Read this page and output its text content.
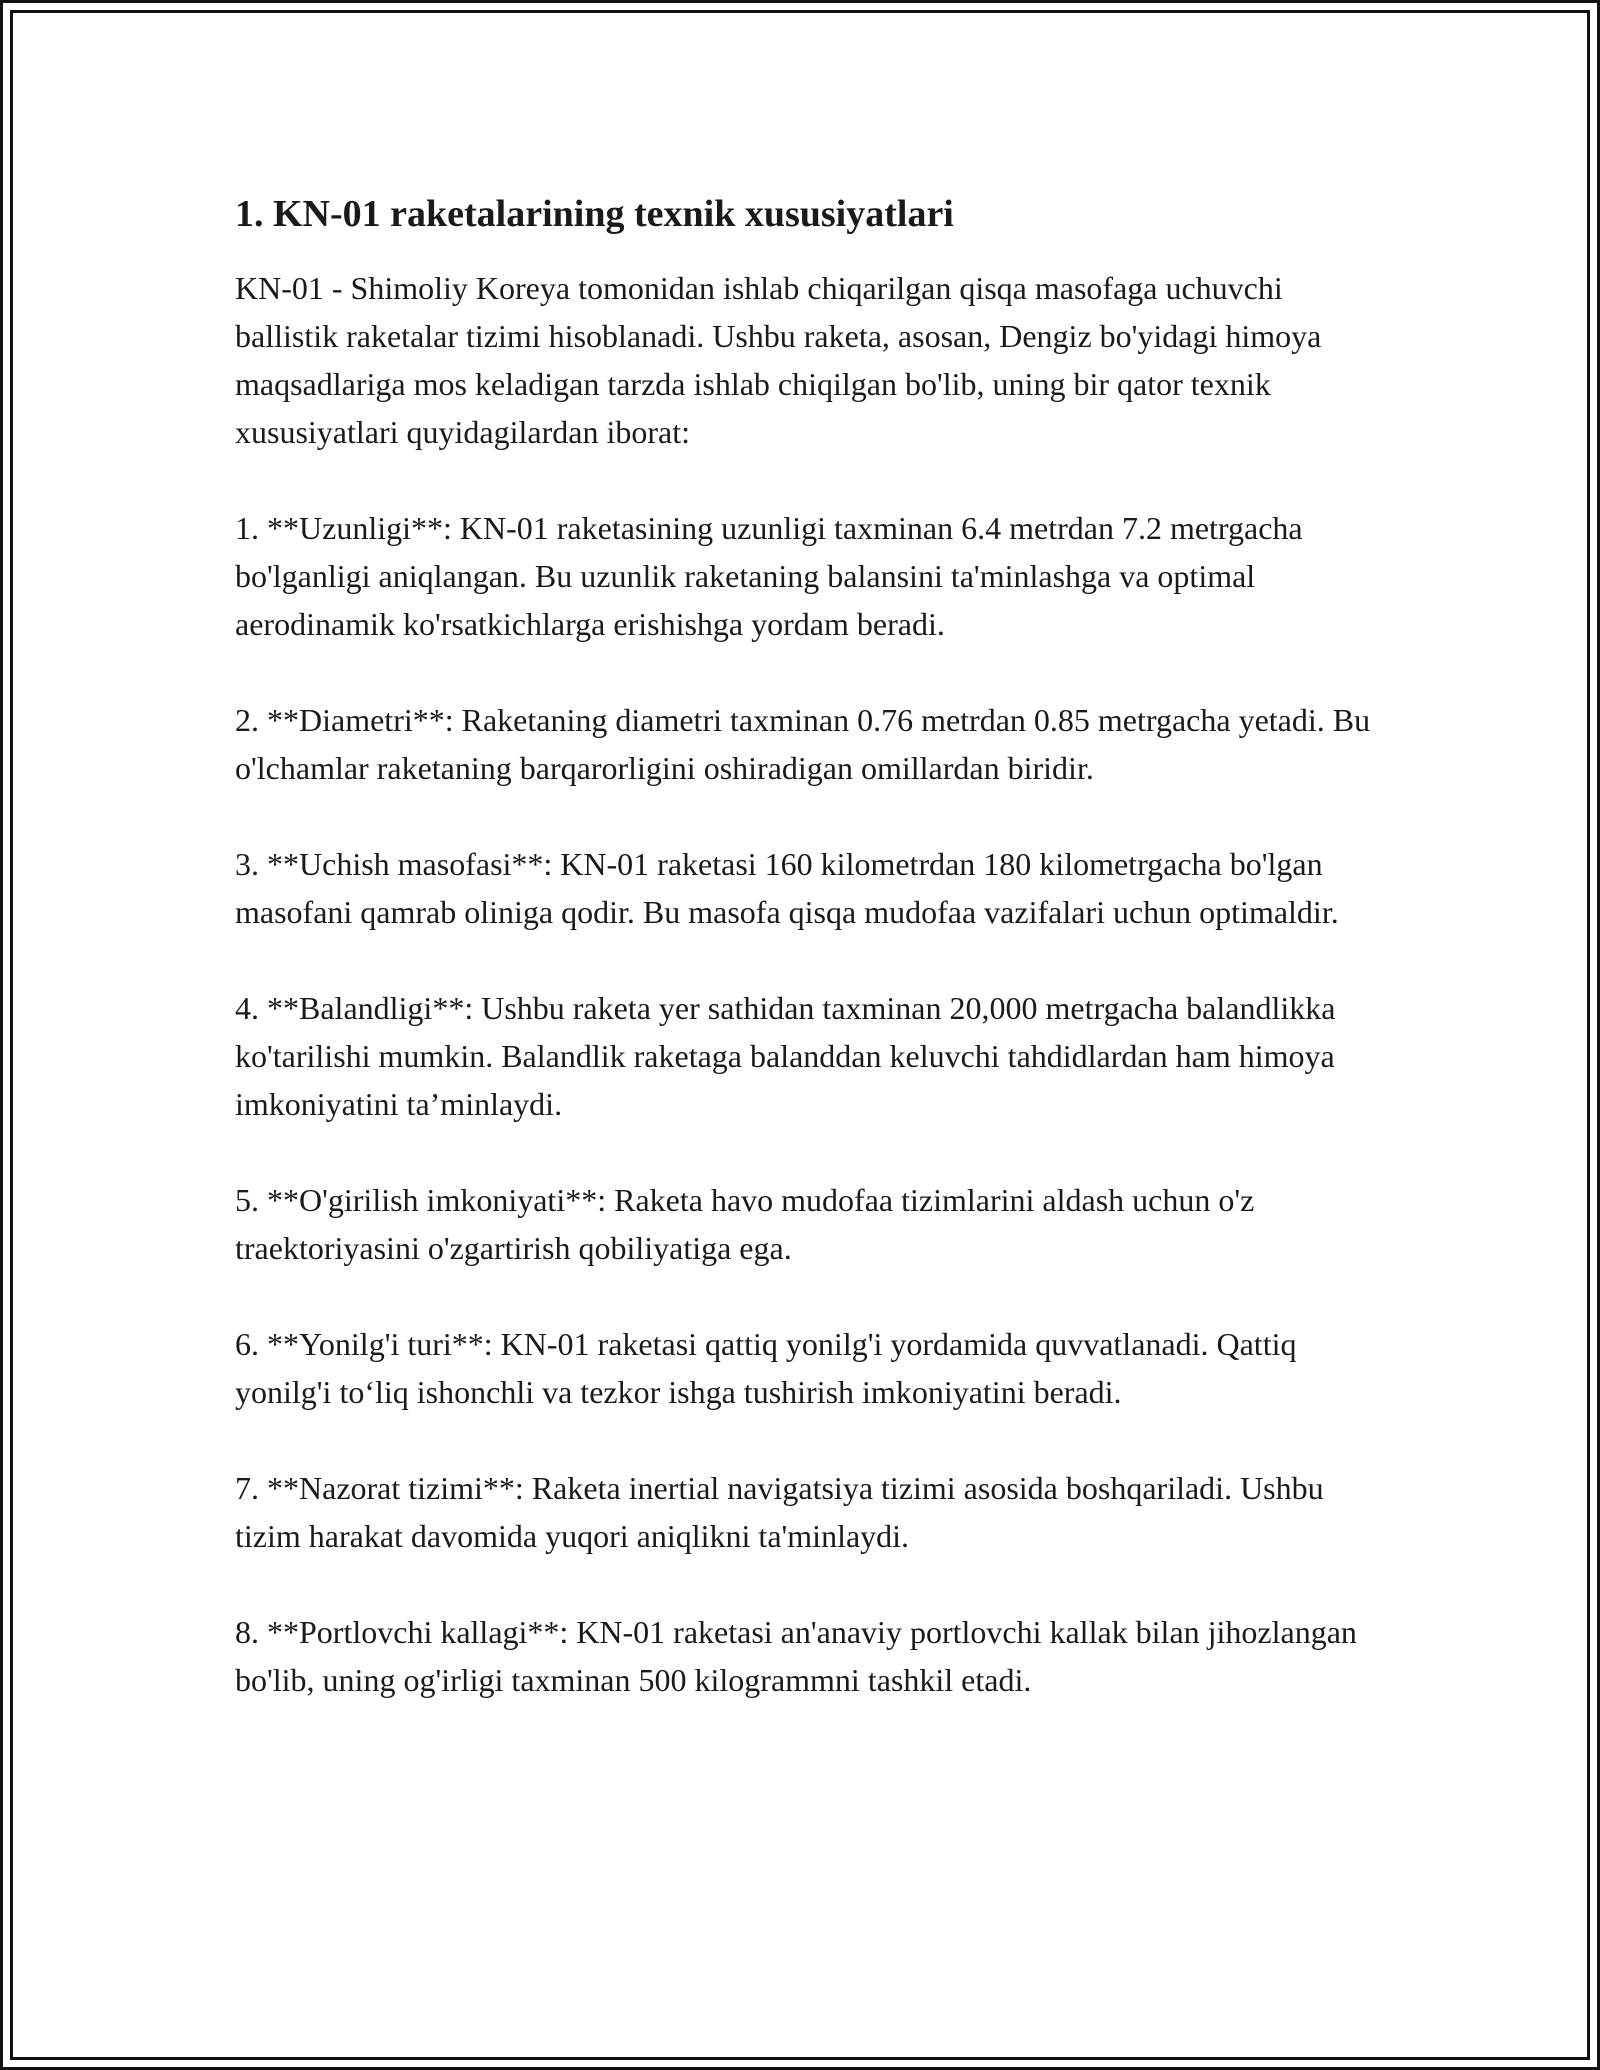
1. KN-01 raketalarining texnik xususiyatlari

KN-01 - Shimoliy Koreya tomonidan ishlab chiqarilgan qisqa masofaga uchuvchi ballistik raketalar tizimi hisoblanadi. Ushbu raketa, asosan, Dengiz bo'yidagi himoya maqsadlariga mos keladigan tarzda ishlab chiqilgan bo'lib, uning bir qator texnik xususiyatlari quyidagilardan iborat:

1. **Uzunligi**: KN-01 raketasining uzunligi taxminan 6.4 metrdan 7.2 metrgacha bo'lganligi aniqlangan. Bu uzunlik raketaning balansini ta'minlashga va optimal aerodinamik ko'rsatkichlarga erishishga yordam beradi.

2. **Diametri**: Raketaning diametri taxminan 0.76 metrdan 0.85 metrgacha yetadi. Bu o'lchamlar raketaning barqarorligini oshiradigan omillardan biridir.

3. **Uchish masofasi**: KN-01 raketasi 160 kilometrdan 180 kilometrgacha bo'lgan masofani qamrab oliniga qodir. Bu masofa qisqa mudofaa vazifalari uchun optimaldir.

4. **Balandligi**: Ushbu raketa yer sathidan taxminan 20,000 metrgacha balandlikka ko'tarilishi mumkin. Balandlik raketaga balanddan keluvchi tahdidlardan ham himoya imkoniyatini ta’minlaydi.

5. **O'girilish imkoniyati**: Raketa havo mudofaa tizimlarini aldash uchun o'z traektoriyasini o'zgartirish qobiliyatiga ega.

6. **Yonilg'i turi**: KN-01 raketasi qattiq yonilg'i yordamida quvvatlanadi. Qattiq yonilg'i to‘liq ishonchli va tezkor ishga tushirish imkoniyatini beradi.

7. **Nazorat tizimi**: Raketa inertial navigatsiya tizimi asosida boshqariladi. Ushbu tizim harakat davomida yuqori aniqlikni ta'minlaydi.

8. **Portlovchi kallagi**: KN-01 raketasi an'anaviy portlovchi kallak bilan jihozlangan bo'lib, uning og'irligi taxminan 500 kilogrammni tashkil etadi.
